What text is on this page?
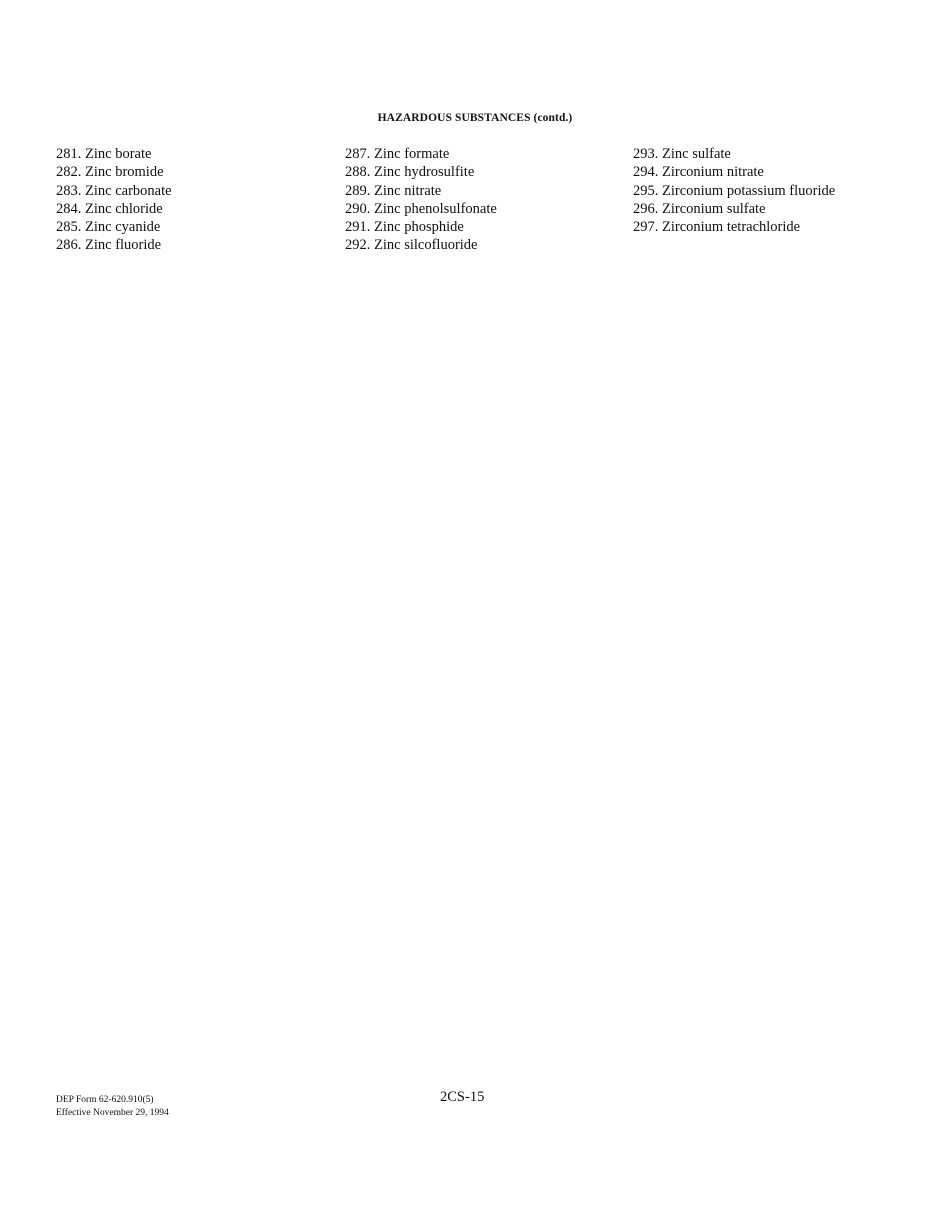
HAZARDOUS SUBSTANCES (contd.)
281. Zinc borate
282. Zinc bromide
283. Zinc carbonate
284. Zinc chloride
285. Zinc cyanide
286. Zinc fluoride
287. Zinc formate
288. Zinc hydrosulfite
289. Zinc nitrate
290. Zinc phenolsulfonate
291. Zinc phosphide
292. Zinc silcofluoride
293. Zinc sulfate
294. Zirconium nitrate
295. Zirconium potassium fluoride
296. Zirconium sulfate
297. Zirconium tetrachloride
DEP Form 62-620.910(5)
Effective November 29, 1994
2CS-15
